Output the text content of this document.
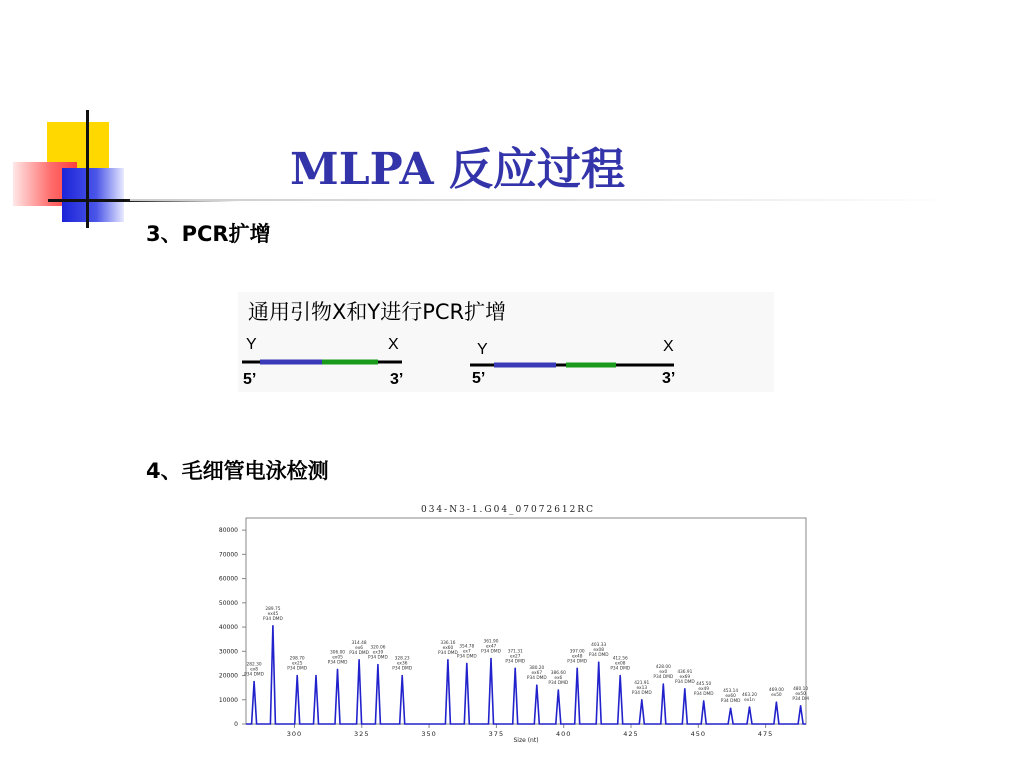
MLPA 反应过程
3、PCR扩增
通用引物X和Y进行PCR扩增
Y	X
5’	3’
Y	X
5’	3’
4、毛细管电泳检测
034-N3-1.G04_07072612RC
0
10000
20000
30000
40000
50000
60000
70000
80000
300	325	350	375	400	425	450	475
282.30
ex8
P34 DMD
289.75
ex45
P34 DMD
298.70
ex25
P34 DMD
306.00
ex05
P34 DMD
314.48
ex6
P34 DMD
320.06
ex39
P34 DMD 328.23
ex36
P34 DMD
336.16
ex60
P34 DMD
354.78
ex7
P34 DMD
361.90
ex47
P34 DMD 371.31
ex27
P34 DMD
380.20
ex67
P34 DMD
386.60
ex6
P34 DMD
397.00
ex48
P34 DMD
403.33
ex08
P34 DMD
412.56
ex08
P34 DMD
421.91
ex13
P34 DMD
428.00
ex0
P34 DMD
436.91
ex69
P34 DMD 445.50
ex49
P34 DMD
453.14
ex60
P34 DMD
463.20
ex1n
469.00
ex50
480.10
ex50
P34 DM
Size (nt)
